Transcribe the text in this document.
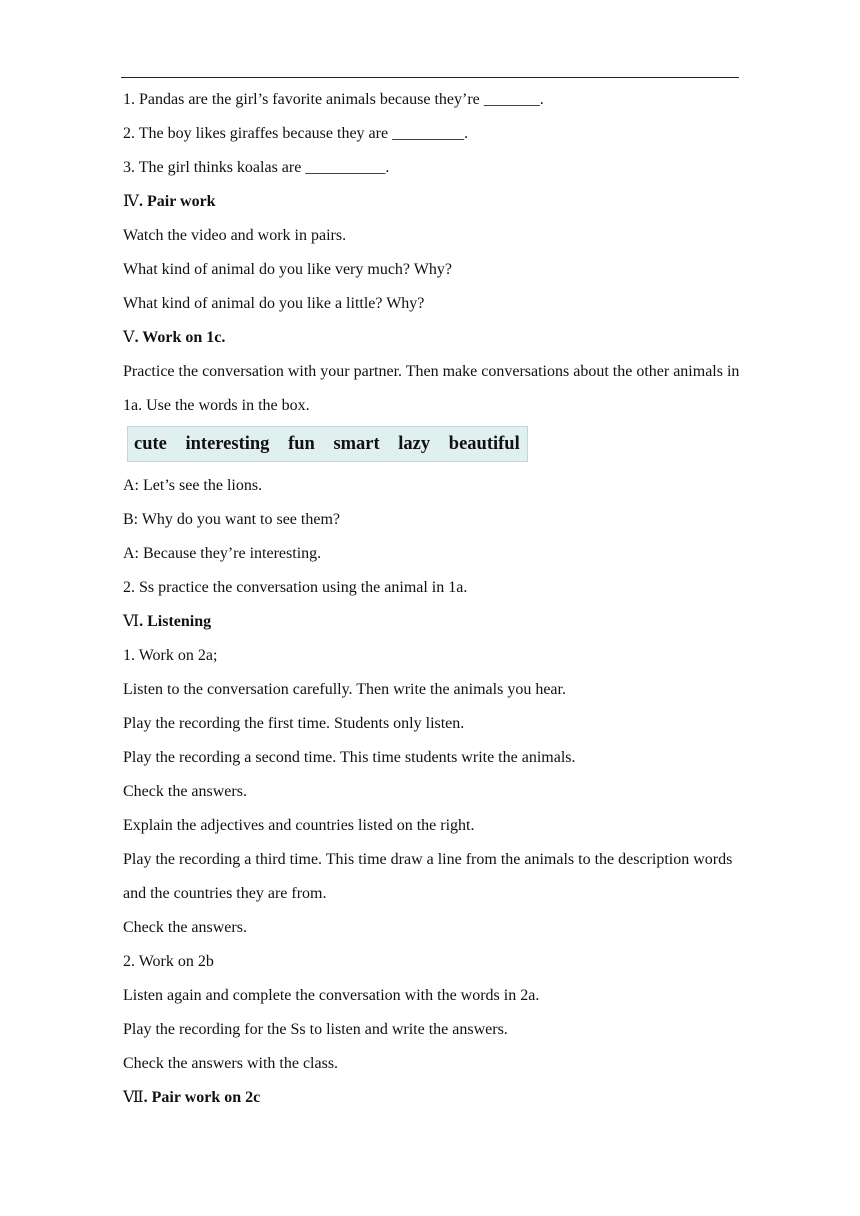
1. Pandas are the girl’s favorite animals because they’re _______.
2. The boy likes giraffes because they are _________.
3. The girl thinks koalas are __________.
Ⅳ. Pair work
Watch the video and work in pairs.
What kind of animal do you like very much? Why?
What kind of animal do you like a little? Why?
Ⅴ. Work on 1c.
Practice the conversation with your partner. Then make conversations about the other animals in 1a. Use the words in the box.
cute interesting fun smart lazy beautiful
A: Let’s see the lions.
B: Why do you want to see them?
A: Because they’re interesting.
2. Ss practice the conversation using the animal in 1a.
Ⅵ. Listening
1. Work on 2a;
Listen to the conversation carefully. Then write the animals you hear.
Play the recording the first time. Students only listen.
Play the recording a second time. This time students write the animals.
Check the answers.
Explain the adjectives and countries listed on the right.
Play the recording a third time. This time draw a line from the animals to the description words and the countries they are from.
Check the answers.
2. Work on 2b
Listen again and complete the conversation with the words in 2a.
Play the recording for the Ss to listen and write the answers.
Check the answers with the class.
Ⅶ. Pair work on 2c
